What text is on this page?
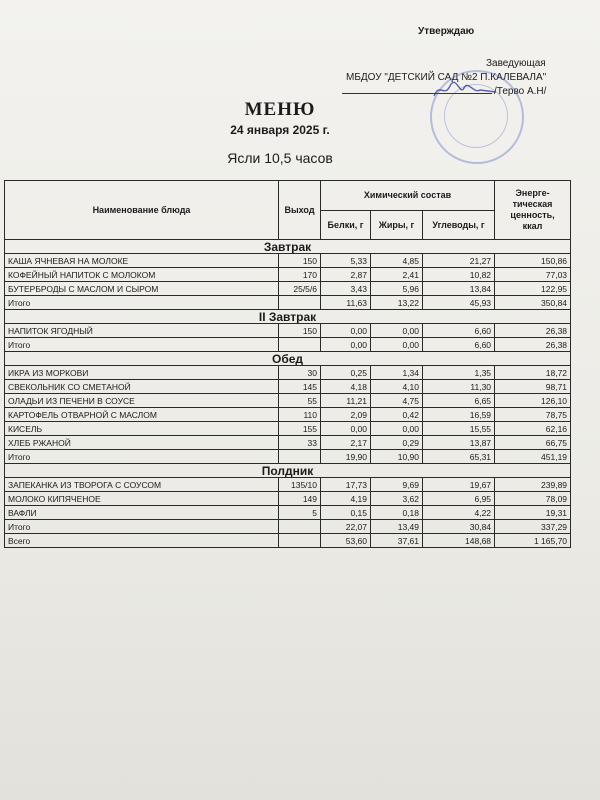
Утверждаю
Заведующая
МБДОУ "ДЕТСКИЙ САД №2 П.КАЛЕВАЛА"
/Терво А.Н/
МЕНЮ
24 января 2025 г.
Ясли 10,5 часов
Наименование блюда	Выход	Химический состав			Энерге-
тическая
ценность,
ккал

		Белки, г	Жиры, г	Углеводы, г	
Завтрак					
КАША ЯЧНЕВАЯ НА МОЛОКЕ	150	5,33	4,85	21,27	150,86
КОФЕЙНЫЙ НАПИТОК С МОЛОКОМ	170	2,87	2,41	10,82	77,03
БУТЕРБРОДЫ С МАСЛОМ И СЫРОМ	25/5/6	3,43	5,96	13,84	122,95
Итого		11,63	13,22	45,93	350,84
II Завтрак					
НАПИТОК ЯГОДНЫЙ	150	0,00	0,00	6,60	26,38
Итого		0,00	0,00	6,60	26,38
Обед					
ИКРА ИЗ МОРКОВИ	30	0,25	1,34	1,35	18,72
СВЕКОЛЬНИК СО СМЕТАНОЙ	145	4,18	4,10	11,30	98,71
ОЛАДЬИ ИЗ ПЕЧЕНИ В СОУСЕ	55	11,21	4,75	6,65	126,10
КАРТОФЕЛЬ ОТВАРНОЙ С МАСЛОМ	110	2,09	0,42	16,59	78,75
КИСЕЛЬ	155	0,00	0,00	15,55	62,16
ХЛЕБ РЖАНОЙ	33	2,17	0,29	13,87	66,75
Итого		19,90	10,90	65,31	451,19
Полдник					
ЗАПЕКАНКА ИЗ ТВОРОГА С СОУСОМ	135/10	17,73	9,69	19,67	239,89
МОЛОКО КИПЯЧЕНОЕ	149	4,19	3,62	6,95	78,09
ВАФЛИ	5	0,15	0,18	4,22	19,31
Итого		22,07	13,49	30,84	337,29
Всего		53,60	37,61	148,68	1 165,70
